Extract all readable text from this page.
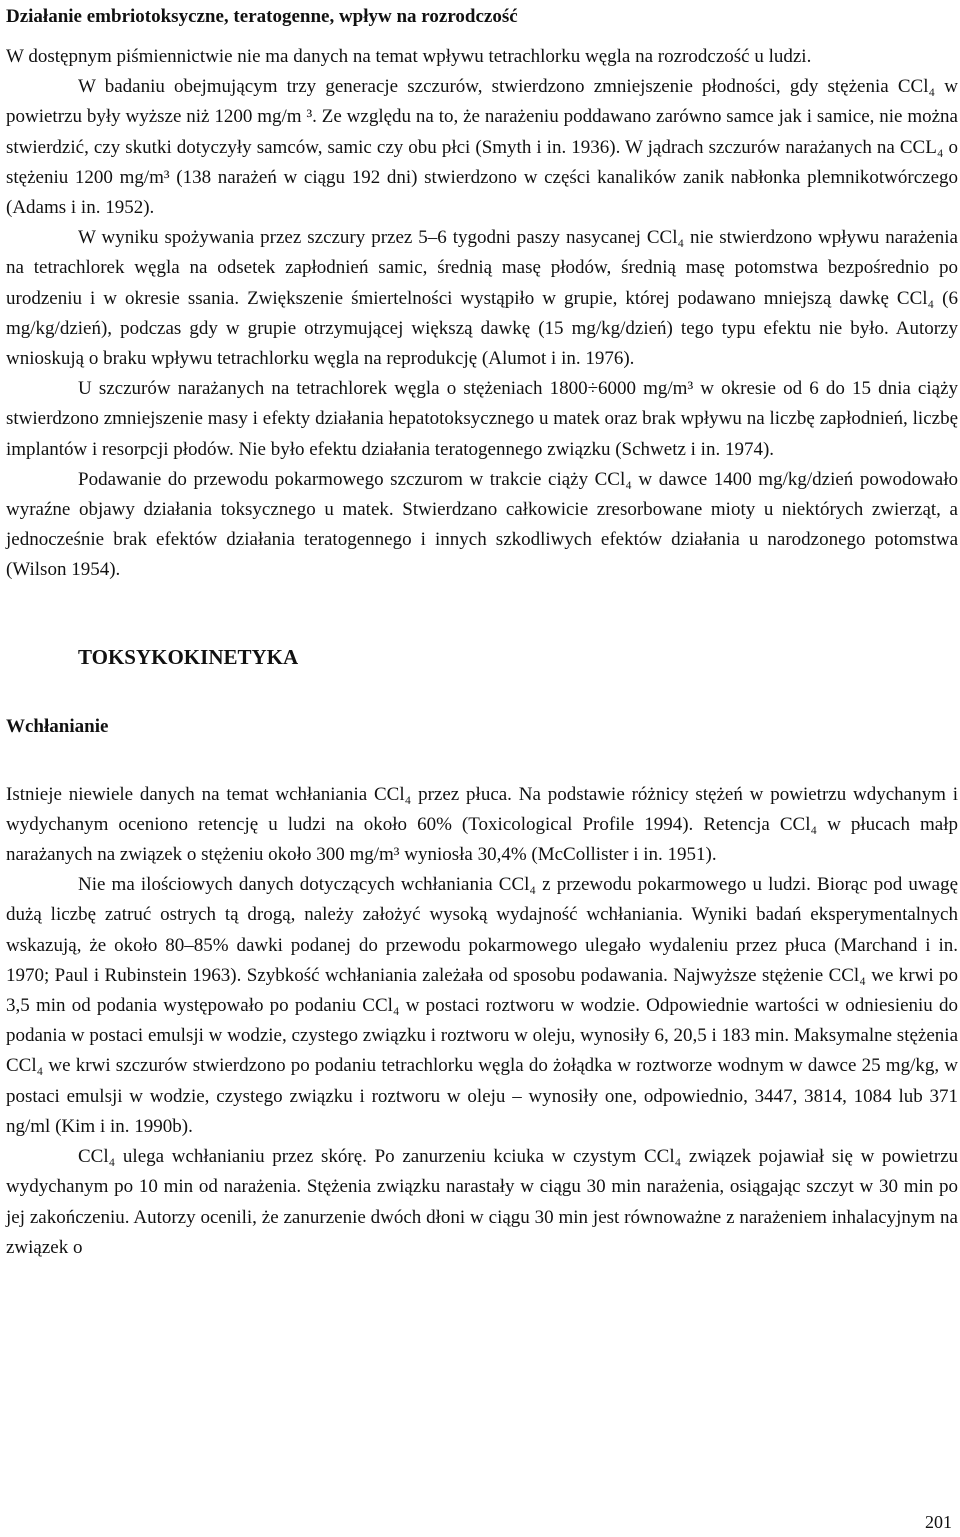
Działanie embriotoksyczne, teratogenne, wpływ na rozrodczość

W dostępnym piśmiennictwie nie ma danych na temat wpływu tetrachlorku węgla na rozrodczość u ludzi.

W badaniu obejmującym trzy generacje szczurów, stwierdzono zmniejszenie płodności, gdy stężenia CCl₄ w powietrzu były wyższe niż 1200 mg/m ³. Ze względu na to, że narażeniu poddawano zarówno samce jak i samice, nie można stwierdzić, czy skutki dotyczyły samców, samic czy obu płci (Smyth i in. 1936). W jądrach szczurów narażanych na CCL₄ o stężeniu 1200 mg/m³ (138 narażeń w ciągu 192 dni) stwierdzono w części kanalików zanik nabłonka plemnikotwórczego (Adams i in. 1952).

W wyniku spożywania przez szczury przez 5‒6 tygodni paszy nasycanej CCl₄ nie stwierdzono wpływu narażenia na tetrachlorek węgla na odsetek zapłodnień samic, średnią masę płodów, średnią masę potomstwa bezpośrednio po urodzeniu i w okresie ssania. Zwiększenie śmiertelności wystąpiło w grupie, której podawano mniejszą dawkę CCl₄ (6 mg/kg/dzień), podczas gdy w grupie otrzymującej większą dawkę (15 mg/kg/dzień) tego typu efektu nie było. Autorzy wnioskują o braku wpływu tetrachlorku węgla na reprodukcję (Alumot i in. 1976).

U szczurów narażanych na tetrachlorek węgla o stężeniach 1800÷6000 mg/m³ w okresie od 6 do 15 dnia ciąży stwierdzono zmniejszenie masy i efekty działania hepatotoksycznego u matek oraz brak wpływu na liczbę zapłodnień, liczbę implantów i resorpcji płodów. Nie było efektu działania teratogennego związku (Schwetz i in. 1974).

Podawanie do przewodu pokarmowego szczurom w trakcie ciąży CCl₄ w dawce 1400 mg/kg/dzień powodowało wyraźne objawy działania toksycznego u matek. Stwierdzano całkowicie zresorbowane mioty u niektórych zwierząt, a jednocześnie brak efektów działania teratogennego i innych szkodliwych efektów działania u narodzonego potomstwa (Wilson 1954).

TOKSYKOKINETYKA
Wchłanianie

Istnieje niewiele danych na temat wchłaniania CCl₄ przez płuca. Na podstawie różnicy stężeń w powietrzu wdychanym i wydychanym oceniono retencję u ludzi na około 60% (Toxicological Profile 1994). Retencja CCl₄ w płucach małp narażanych na związek o stężeniu około 300 mg/m³ wyniosła 30,4% (McCollister i in. 1951).

Nie ma ilościowych danych dotyczących wchłaniania CCl₄ z przewodu pokarmowego u ludzi. Biorąc pod uwagę dużą liczbę zatruć ostrych tą drogą, należy założyć wysoką wydajność wchłaniania. Wyniki badań eksperymentalnych wskazują, że około 80‒85% dawki podanej do przewodu pokarmowego ulegało wydaleniu przez płuca (Marchand i in. 1970; Paul i Rubinstein 1963). Szybkość wchłaniania zależała od sposobu podawania. Najwyższe stężenie CCl₄ we krwi po 3,5 min od podania występowało po podaniu CCl₄ w postaci roztworu w wodzie. Odpowiednie wartości w odniesieniu do podania w postaci emulsji w wodzie, czystego związku i roztworu w oleju, wynosiły 6, 20,5 i 183 min. Maksymalne stężenia CCl₄ we krwi szczurów stwierdzono po podaniu tetrachlorku węgla do żołądka w roztworze wodnym w dawce 25 mg/kg, w postaci emulsji w wodzie, czystego związku i roztworu w oleju – wynosiły one, odpowiednio, 3447, 3814, 1084 lub 371 ng/ml (Kim i in. 1990b).

CCl₄ ulega wchłanianiu przez skórę. Po zanurzeniu kciuka w czystym CCl₄ związek pojawiał się w powietrzu wydychanym po 10 min od narażenia. Stężenia związku narastały w ciągu 30 min narażenia, osiągając szczyt w 30 min po jej zakończeniu. Autorzy ocenili, że zanurzenie dwóch dłoni w ciągu 30 min jest równoważne z narażeniem inhalacyjnym na związek o

201
